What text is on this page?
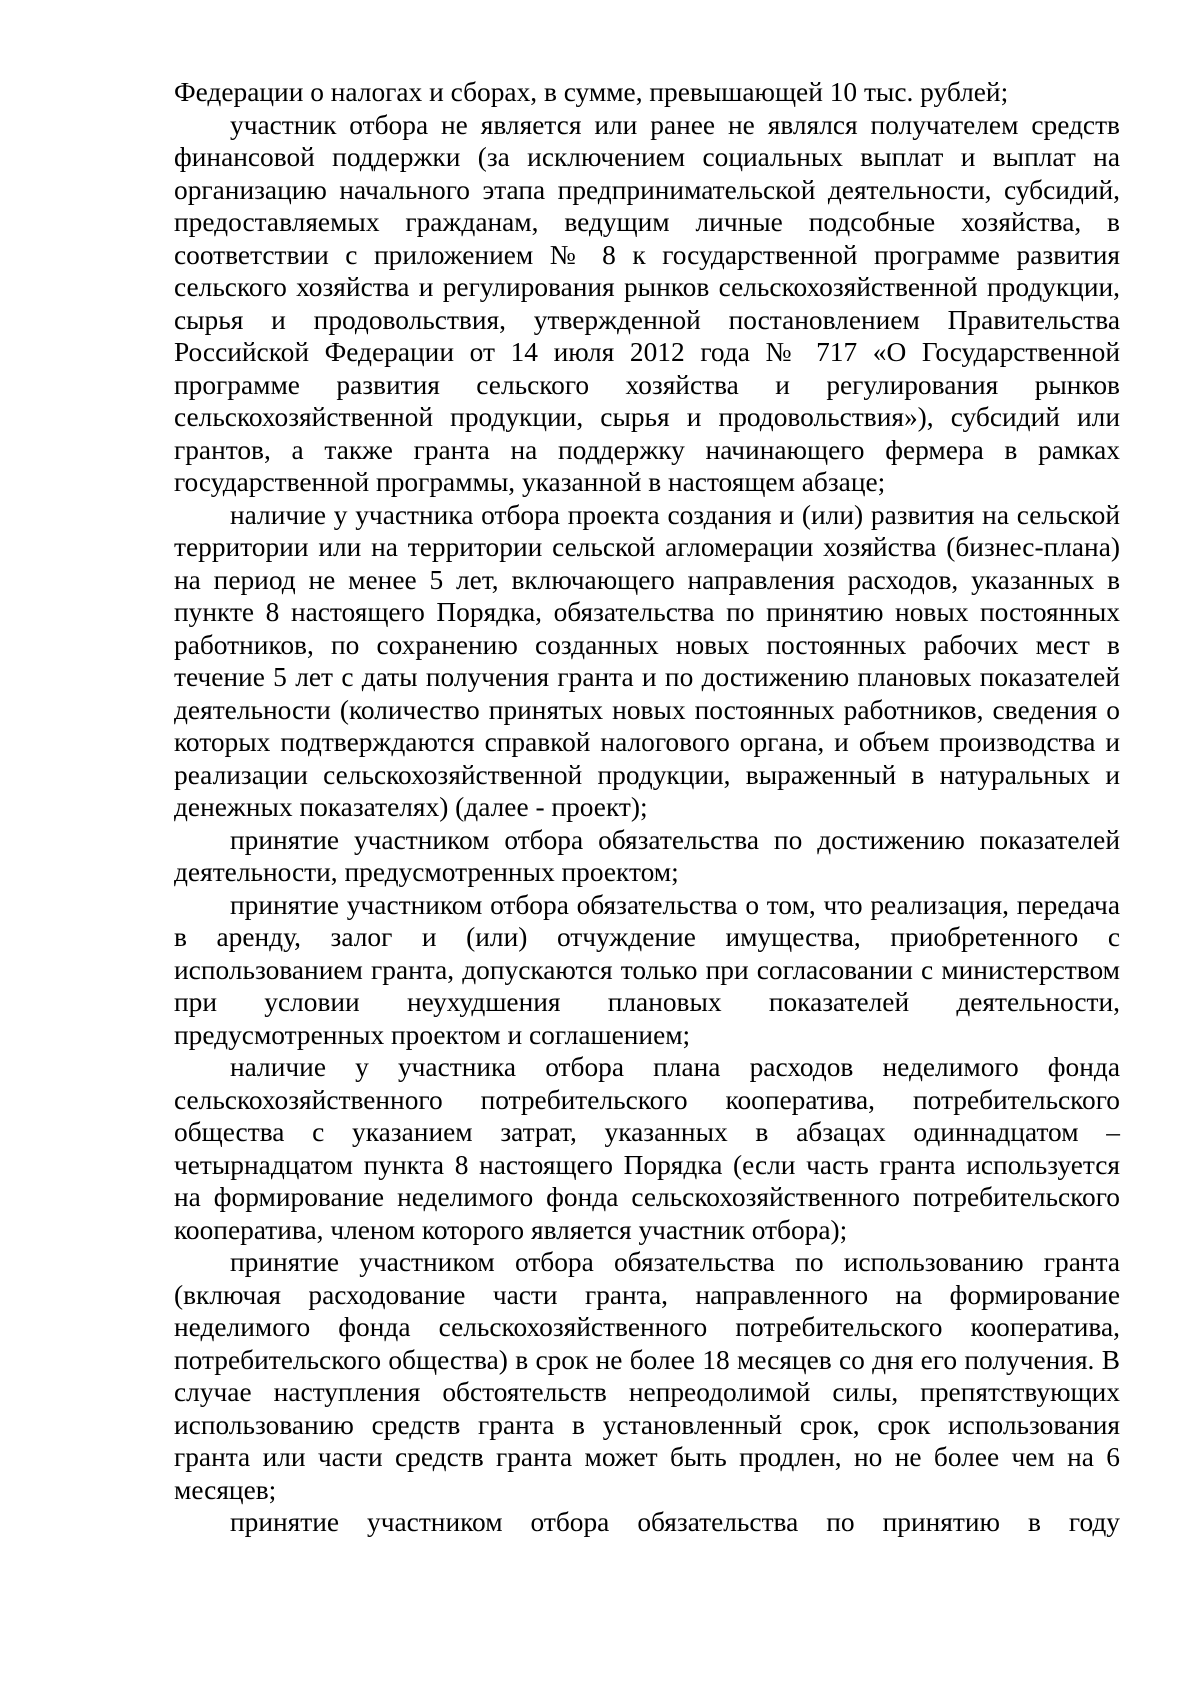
Федерации о налогах и сборах, в сумме, превышающей 10 тыс. рублей;

участник отбора не является или ранее не являлся получателем средств финансовой поддержки (за исключением социальных выплат и выплат на организацию начального этапа предпринимательской деятельности, субсидий, предоставляемых гражданам, ведущим личные подсобные хозяйства, в соответствии с приложением № 8 к государственной программе развития сельского хозяйства и регулирования рынков сельскохозяйственной продукции, сырья и продовольствия, утвержденной постановлением Правительства Российской Федерации от 14 июля 2012 года № 717 «О Государственной программе развития сельского хозяйства и регулирования рынков сельскохозяйственной продукции, сырья и продовольствия»), субсидий или грантов, а также гранта на поддержку начинающего фермера в рамках государственной программы, указанной в настоящем абзаце;

наличие у участника отбора проекта создания и (или) развития на сельской территории или на территории сельской агломерации хозяйства (бизнес-плана) на период не менее 5 лет, включающего направления расходов, указанных в пункте 8 настоящего Порядка, обязательства по принятию новых постоянных работников, по сохранению созданных новых постоянных рабочих мест в течение 5 лет с даты получения гранта и по достижению плановых показателей деятельности (количество принятых новых постоянных работников, сведения о которых подтверждаются справкой налогового органа, и объем производства и реализации сельскохозяйственной продукции, выраженный в натуральных и денежных показателях) (далее - проект);

принятие участником отбора обязательства по достижению показателей деятельности, предусмотренных проектом;

принятие участником отбора обязательства о том, что реализация, передача в аренду, залог и (или) отчуждение имущества, приобретенного с использованием гранта, допускаются только при согласовании с министерством при условии неухудшения плановых показателей деятельности, предусмотренных проектом и соглашением;

наличие у участника отбора плана расходов неделимого фонда сельскохозяйственного потребительского кооператива, потребительского общества с указанием затрат, указанных в абзацах одиннадцатом – четырнадцатом пункта 8 настоящего Порядка (если часть гранта используется на формирование неделимого фонда сельскохозяйственного потребительского кооператива, членом которого является участник отбора);

принятие участником отбора обязательства по использованию гранта (включая расходование части гранта, направленного на формирование неделимого фонда сельскохозяйственного потребительского кооператива, потребительского общества) в срок не более 18 месяцев со дня его получения. В случае наступления обстоятельств непреодолимой силы, препятствующих использованию средств гранта в установленный срок, срок использования гранта или части средств гранта может быть продлен, но не более чем на 6 месяцев;

принятие участником отбора обязательства по принятию в году
